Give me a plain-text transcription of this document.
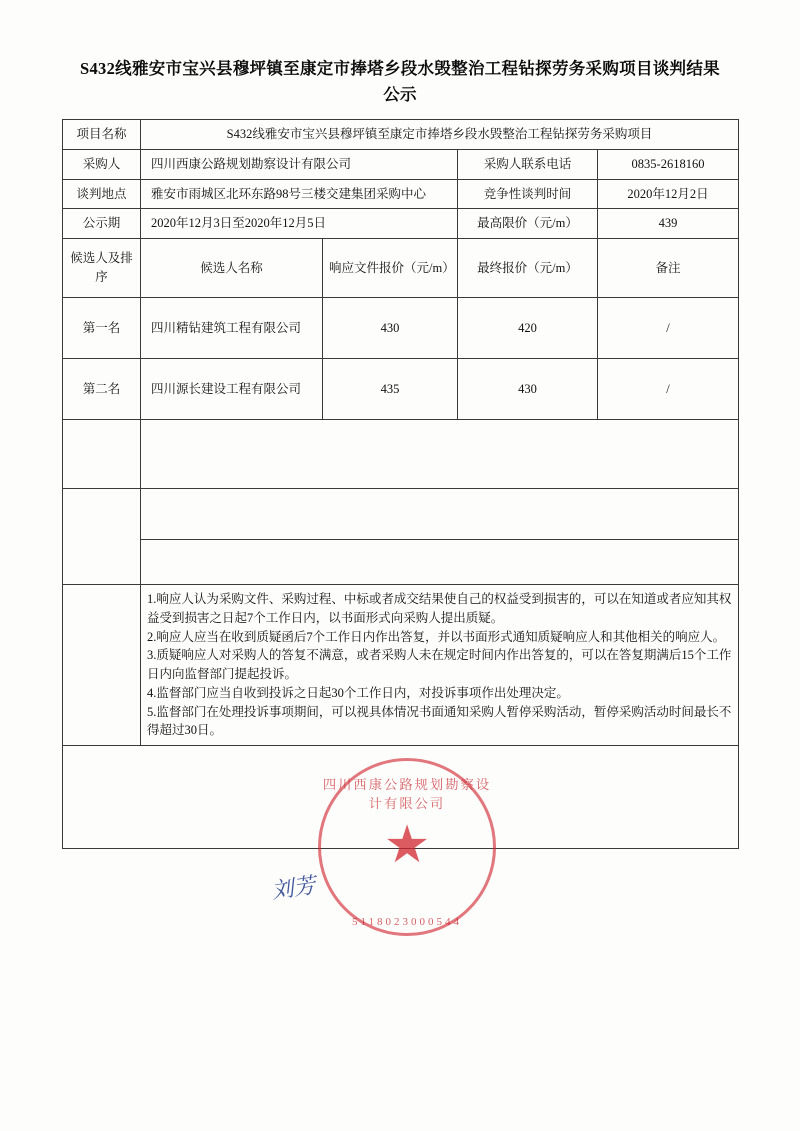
S432线雅安市宝兴县穆坪镇至康定市捧塔乡段水毁整治工程钻探劳务采购项目谈判结果公示
项目名称	S432线雅安市宝兴县穆坪镇至康定市捧塔乡段水毁整治工程钻探劳务采购项目			
采购人	四川西康公路规划勘察设计有限公司		采购人联系电话	0835-2618160
谈判地点	雅安市雨城区北环东路98号三楼交建集团采购中心		竞争性谈判时间	2020年12月2日
公示期	2020年12月3日至2020年12月5日		最高限价（元/m）	439
候选人及排序	候选人名称	响应文件报价（元/m）	最终报价（元/m）	备注
第一名	四川精钻建筑工程有限公司	430	420	/
第二名	四川源长建设工程有限公司	435	430	/

	1.响应人认为采购文件、采购过程、中标或者成交结果使自己的权益受到损害的，可以在知道或者应知其权益受到损害之日起7个工作日内，以书面形式向采购人提出质疑。

2.响应人应当在收到质疑函后7个工作日内作出答复，并以书面形式通知质疑响应人和其他相关的响应人。

3.质疑响应人对采购人的答复不满意，或者采购人未在规定时间内作出答复的，可以在答复期满后15个工作日内向监督部门提起投诉。

4.监督部门应当自收到投诉之日起30个工作日内，对投诉事项作出处理决定。

5.监督部门在处理投诉事项期间，可以视具体情况书面通知采购人暂停采购活动，暂停采购活动时间最长不得超过30日。			

四川西康公路规划勘察设计有限公司
★
5118023000544
刘芳
